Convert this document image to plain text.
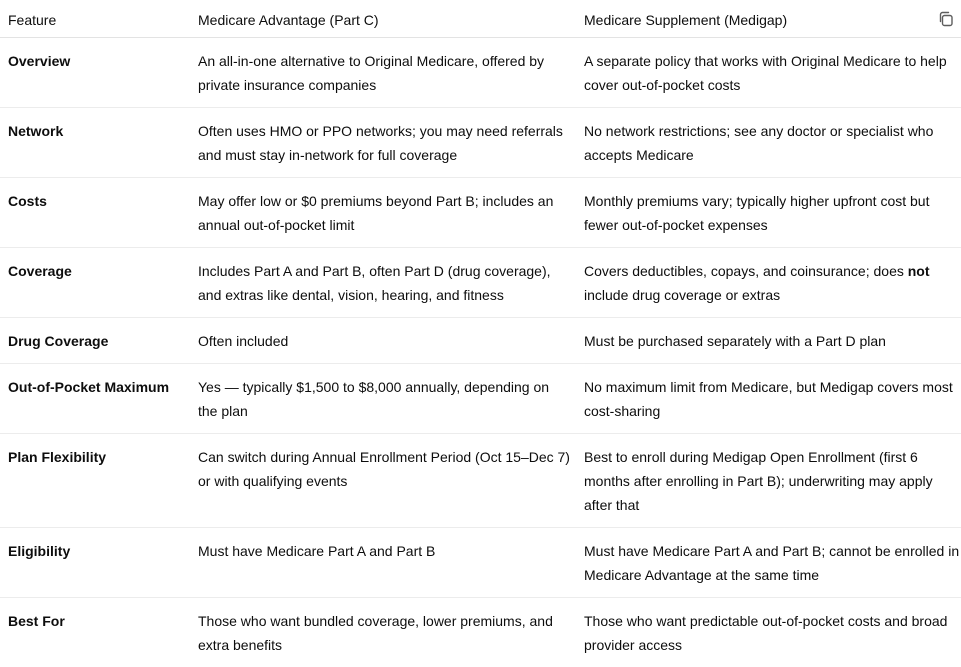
Feature	Medicare Advantage (Part C)	Medicare Supplement (Medigap)
Overview	An all-in-one alternative to Original Medicare, offered by private insurance companies	A separate policy that works with Original Medicare to help cover out-of-pocket costs
Network	Often uses HMO or PPO networks; you may need referrals and must stay in-network for full coverage	No network restrictions; see any doctor or specialist who accepts Medicare
Costs	May offer low or $0 premiums beyond Part B; includes an annual out-of-pocket limit	Monthly premiums vary; typically higher upfront cost but fewer out-of-pocket expenses
Coverage	Includes Part A and Part B, often Part D (drug coverage), and extras like dental, vision, hearing, and fitness	Covers deductibles, copays, and coinsurance; does not include drug coverage or extras
Drug Coverage	Often included	Must be purchased separately with a Part D plan
Out-of-Pocket Maximum	Yes — typically $1,500 to $8,000 annually, depending on the plan	No maximum limit from Medicare, but Medigap covers most cost-sharing
Plan Flexibility	Can switch during Annual Enrollment Period (Oct 15–Dec 7) or with qualifying events	Best to enroll during Medigap Open Enrollment (first 6 months after enrolling in Part B); underwriting may apply after that
Eligibility	Must have Medicare Part A and Part B	Must have Medicare Part A and Part B; cannot be enrolled in Medicare Advantage at the same time
Best For	Those who want bundled coverage, lower premiums, and extra benefits	Those who want predictable out-of-pocket costs and broad provider access
